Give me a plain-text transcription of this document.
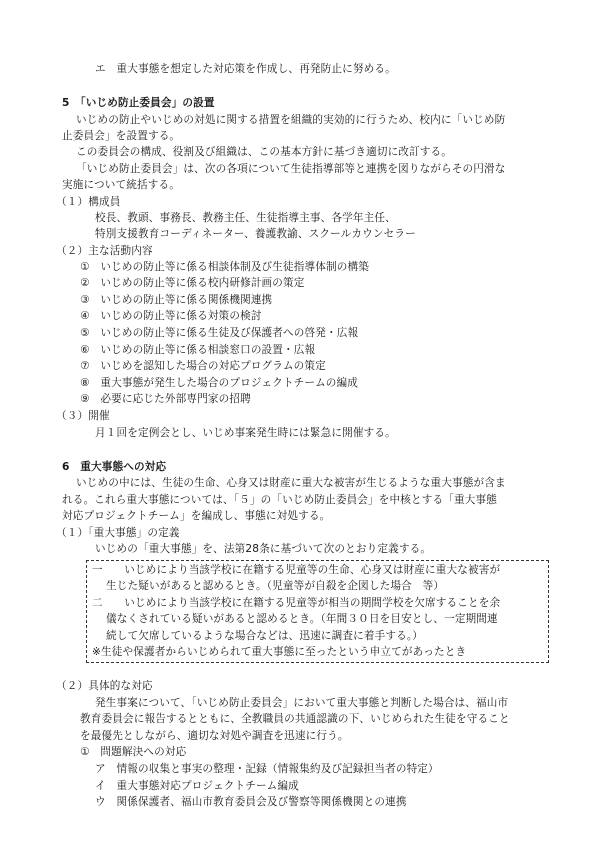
エ　重大事態を想定した対応策を作成し、再発防止に努める。
5　「いじめ防止委員会」の設置
いじめの防止やいじめの対処に関する措置を組織的実効的に行うため、校内に「いじめ防
止委員会」を設置する。
この委員会の構成、役割及び組織は、この基本方針に基づき適切に改訂する。
「いじめ防止委員会」は、次の各項について生徒指導部等と連携を図りながらその円滑な
実施について統括する。
（１）構成員
校長、教頭、事務長、教務主任、生徒指導主事、各学年主任、
特別支援教育コーディネーター、養護教諭、スクールカウンセラー
（２）主な活動内容
①　 いじめの防止等に係る相談体制及び生徒指導体制の構築
②　 いじめの防止等に係る校内研修計画の策定
③　 いじめの防止等に係る関係機関連携
④　 いじめの防止等に係る対策の検討
⑤　 いじめの防止等に係る生徒及び保護者への啓発・広報
⑥　 いじめの防止等に係る相談窓口の設置・広報
⑦　 いじめを認知した場合の対応プログラムの策定
⑧　 重大事態が発生した場合のプロジェクトチームの編成
⑨　 必要に応じた外部専門家の招聘
（３）開催
月１回を定例会とし、いじめ事案発生時には緊急に開催する。
6　重大事態への対応
いじめの中には、生徒の生命、心身又は財産に重大な被害が生じるような重大事態が含ま
れる。これら重大事態については、「５」の「いじめ防止委員会」を中核とする「重大事態
対応プロジェクトチーム」を編成し、事態に対処する。
（１）「重大事態」の定義
いじめの「重大事態」を、法第28条に基づいて次のとおり定義する。
一　　いじめにより当該学校に在籍する児童等の生命、心身又は財産に重大な被害が
生じた疑いがあると認めるとき。（児童等が自殺を企図した場合　等）
二　　いじめにより当該学校に在籍する児童等が相当の期間学校を欠席することを余
儀なくされている疑いがあると認めるとき。（年間３０日を目安とし、一定期間連
続して欠席しているような場合などは、迅速に調査に着手する。）
※生徒や保護者からいじめられて重大事態に至ったという申立てがあったとき
（２）具体的な対応
発生事案について、「いじめ防止委員会」において重大事態と判断した場合は、福山市
教育委員会に報告するとともに、全教職員の共通認識の下、いじめられた生徒を守ること
を最優先としながら、適切な対処や調査を迅速に行う。
①　問題解決への対応
ア　情報の収集と事実の整理・記録（情報集約及び記録担当者の特定）
イ　重大事態対応プロジェクトチーム編成
ウ　関係保護者、福山市教育委員会及び警察等関係機関との連携
